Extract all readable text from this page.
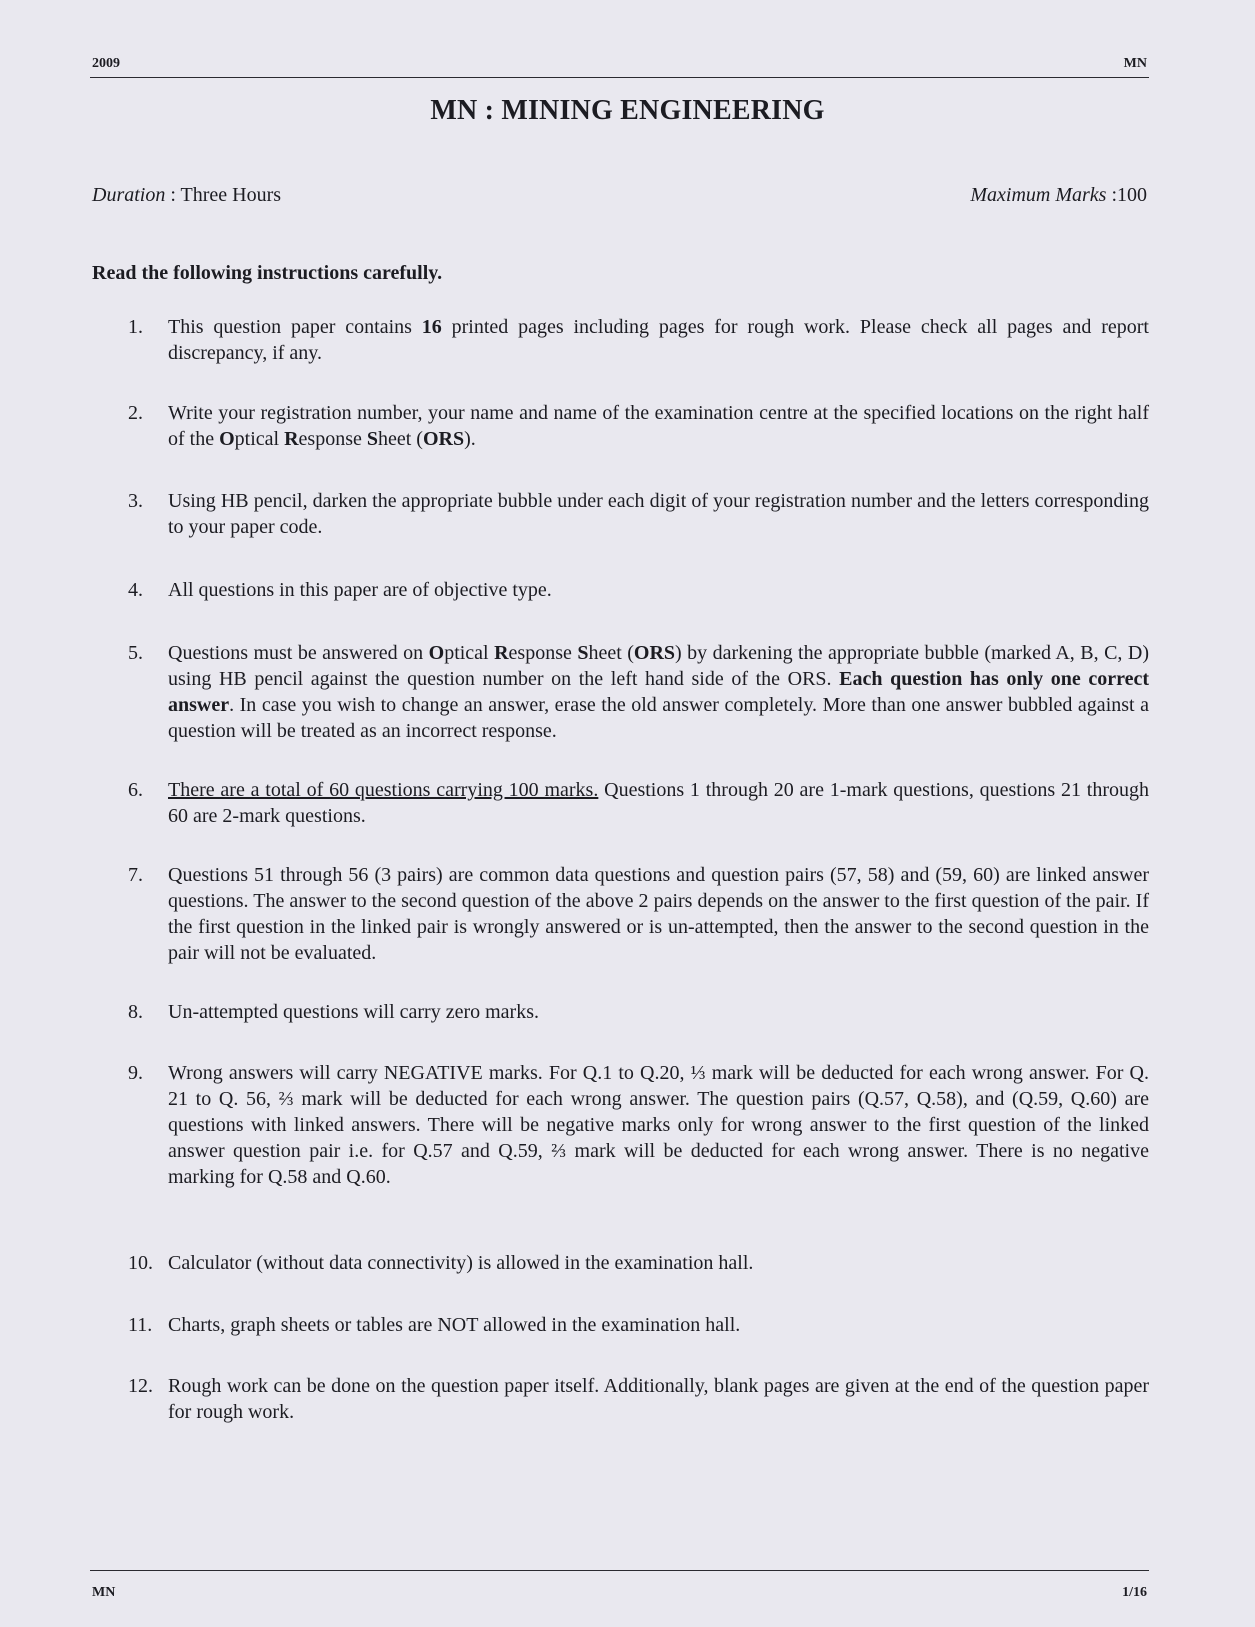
2009	MN
MN : MINING ENGINEERING
Duration : Three Hours	Maximum Marks :100
Read the following instructions carefully.
1.	This question paper contains 16 printed pages including pages for rough work. Please check all pages and report discrepancy, if any.
2.	Write your registration number, your name and name of the examination centre at the specified locations on the right half of the Optical Response Sheet (ORS).
3.	Using HB pencil, darken the appropriate bubble under each digit of your registration number and the letters corresponding to your paper code.
4.	All questions in this paper are of objective type.
5.	Questions must be answered on Optical Response Sheet (ORS) by darkening the appropriate bubble (marked A, B, C, D) using HB pencil against the question number on the left hand side of the ORS. Each question has only one correct answer. In case you wish to change an answer, erase the old answer completely. More than one answer bubbled against a question will be treated as an incorrect response.
6.	There are a total of 60 questions carrying 100 marks. Questions 1 through 20 are 1-mark questions, questions 21 through 60 are 2-mark questions.
7.	Questions 51 through 56 (3 pairs) are common data questions and question pairs (57, 58) and (59, 60) are linked answer questions. The answer to the second question of the above 2 pairs depends on the answer to the first question of the pair. If the first question in the linked pair is wrongly answered or is un-attempted, then the answer to the second question in the pair will not be evaluated.
8.	Un-attempted questions will carry zero marks.
9.	Wrong answers will carry NEGATIVE marks. For Q.1 to Q.20, ⅓ mark will be deducted for each wrong answer. For Q. 21 to Q. 56, ⅔ mark will be deducted for each wrong answer. The question pairs (Q.57, Q.58), and (Q.59, Q.60) are questions with linked answers. There will be negative marks only for wrong answer to the first question of the linked answer question pair i.e. for Q.57 and Q.59, ⅔ mark will be deducted for each wrong answer. There is no negative marking for Q.58 and Q.60.
10. Calculator (without data connectivity) is allowed in the examination hall.
11. Charts, graph sheets or tables are NOT allowed in the examination hall.
12. Rough work can be done on the question paper itself. Additionally, blank pages are given at the end of the question paper for rough work.
MN	1/16
